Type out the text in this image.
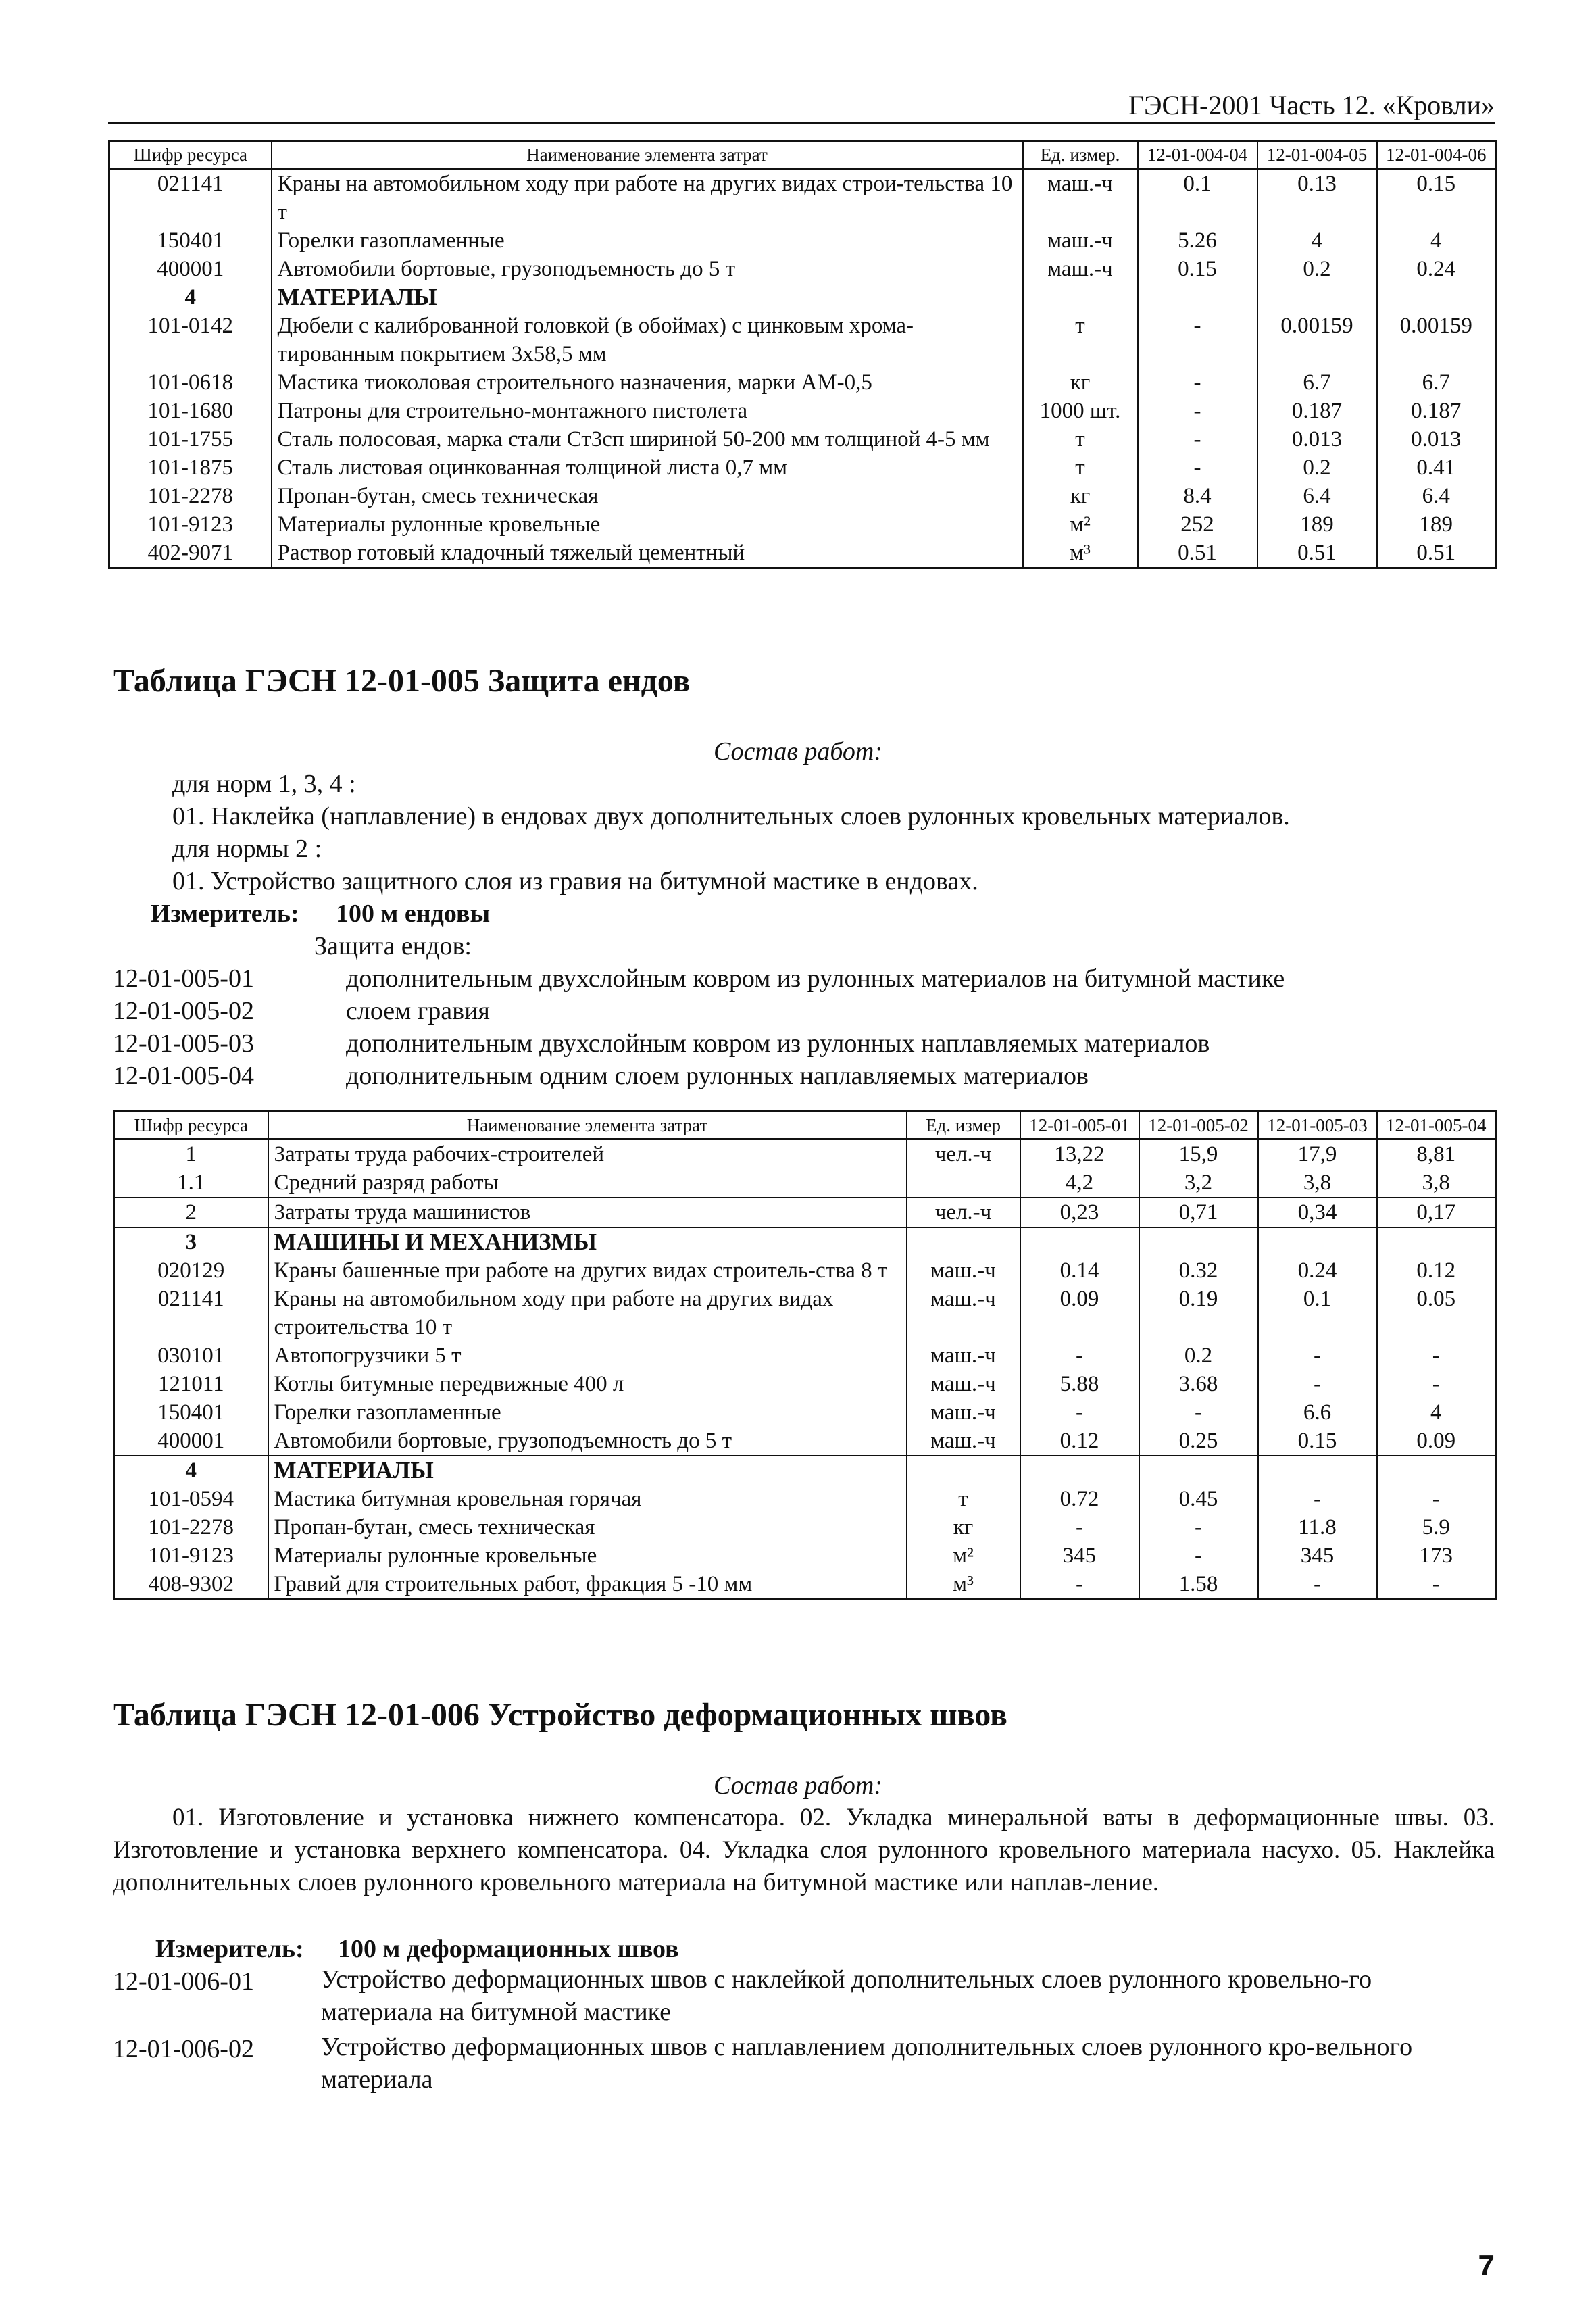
ГЭСН-2001 Часть 12. «Кровли»
Шифр ресурса	Наименование элемента затрат	Ед. измер.	12-01-004-04	12-01-004-05	12-01-004-06
021141	Краны на автомобильном ходу при работе на других видах строи-тельства 10 т	маш.-ч	0.1	0.13	0.15
150401	Горелки газопламенные	маш.-ч	5.26	4	4
400001	Автомобили бортовые, грузоподъемность до 5 т	маш.-ч	0.15	0.2	0.24
4	МАТЕРИАЛЫ				
101-0142	Дюбели с калиброванной головкой (в обоймах) с цинковым хрома-тированным покрытием 3х58,5 мм	т	-	0.00159	0.00159
101-0618	Мастика тиоколовая строительного назначения, марки АМ-0,5	кг	-	6.7	6.7
101-1680	Патроны для строительно-монтажного пистолета	1000 шт.	-	0.187	0.187
101-1755	Сталь полосовая, марка стали Ст3сп шириной 50-200 мм толщиной 4-5 мм	т	-	0.013	0.013
101-1875	Сталь листовая оцинкованная толщиной листа 0,7 мм	т	-	0.2	0.41
101-2278	Пропан-бутан, смесь техническая	кг	8.4	6.4	6.4
101-9123	Материалы рулонные кровельные	м²	252	189	189
402-9071	Раствор готовый кладочный тяжелый цементный	м³	0.51	0.51	0.51
Таблица ГЭСН 12-01-005 Защита ендов
Состав работ:
для норм 1, 3, 4 :
01. Наклейка (наплавление) в ендовах двух дополнительных слоев рулонных кровельных материалов.
для нормы 2 :
01. Устройство защитного слоя из гравия на битумной мастике в ендовах.
Измеритель: 100 м ендовы
Защита ендов:
12-01-005-01	дополнительным двухслойным ковром из рулонных материалов на битумной мастике
12-01-005-02	слоем гравия
12-01-005-03	дополнительным двухслойным ковром из рулонных наплавляемых материалов
12-01-005-04	дополнительным одним слоем рулонных наплавляемых материалов
Шифр ресурса	Наименование элемента затрат	Ед. измер	12-01-005-01	12-01-005-02	12-01-005-03	12-01-005-04
1	Затраты труда рабочих-строителей	чел.-ч	13,22	15,9	17,9	8,81
1.1	Средний разряд работы		4,2	3,2	3,8	3,8
2	Затраты труда машинистов	чел.-ч	0,23	0,71	0,34	0,17
3	МАШИНЫ И МЕХАНИЗМЫ					
020129	Краны башенные при работе на других видах строитель-ства 8 т	маш.-ч	0.14	0.32	0.24	0.12
021141	Краны на автомобильном ходу при работе на других видах строительства 10 т	маш.-ч	0.09	0.19	0.1	0.05
030101	Автопогрузчики 5 т	маш.-ч	-	0.2	-	-
121011	Котлы битумные передвижные 400 л	маш.-ч	5.88	3.68	-	-
150401	Горелки газопламенные	маш.-ч	-	-	6.6	4
400001	Автомобили бортовые, грузоподъемность до 5 т	маш.-ч	0.12	0.25	0.15	0.09
4	МАТЕРИАЛЫ					
101-0594	Мастика битумная кровельная горячая	т	0.72	0.45	-	-
101-2278	Пропан-бутан, смесь техническая	кг	-	-	11.8	5.9
101-9123	Материалы рулонные кровельные	м²	345	-	345	173
408-9302	Гравий для строительных работ, фракция 5 -10 мм	м³	-	1.58	-	-
Таблица ГЭСН 12-01-006 Устройство деформационных швов
Состав работ:
01. Изготовление и установка нижнего компенсатора. 02. Укладка минеральной ваты в деформационные швы. 03. Изготовление и установка верхнего компенсатора. 04. Укладка слоя рулонного кровельного материала насухо. 05. Наклейка дополнительных слоев рулонного кровельного материала на битумной мастике или наплав-ление.
Измеритель: 100 м деформационных швов
12-01-006-01	Устройство деформационных швов с наклейкой дополнительных слоев рулонного кровельно-го материала на битумной мастике
12-01-006-02	Устройство деформационных швов с наплавлением дополнительных слоев рулонного кро-вельного материала
7
